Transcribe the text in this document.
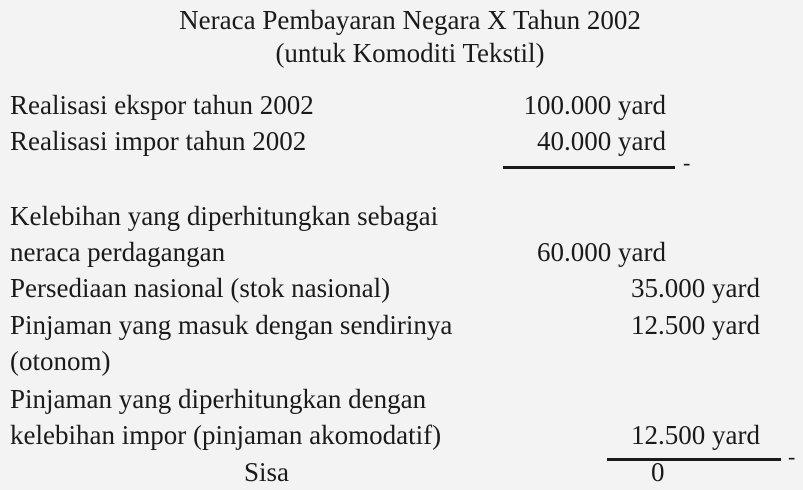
Neraca Pembayaran Negara X Tahun 2002
(untuk Komoditi Tekstil)
Realisasi ekspor tahun 2002	100.000 yard
Realisasi impor tahun 2002	40.000 yard
-
Kelebihan yang diperhitungkan sebagai
neraca perdagangan	60.000 yard
Persediaan nasional (stok nasional)	35.000 yard
Pinjaman yang masuk dengan sendirinya	12.500 yard
(otonom)
Pinjaman yang diperhitungkan dengan
kelebihan impor (pinjaman akomodatif)	12.500 yard
-
Sisa	0
